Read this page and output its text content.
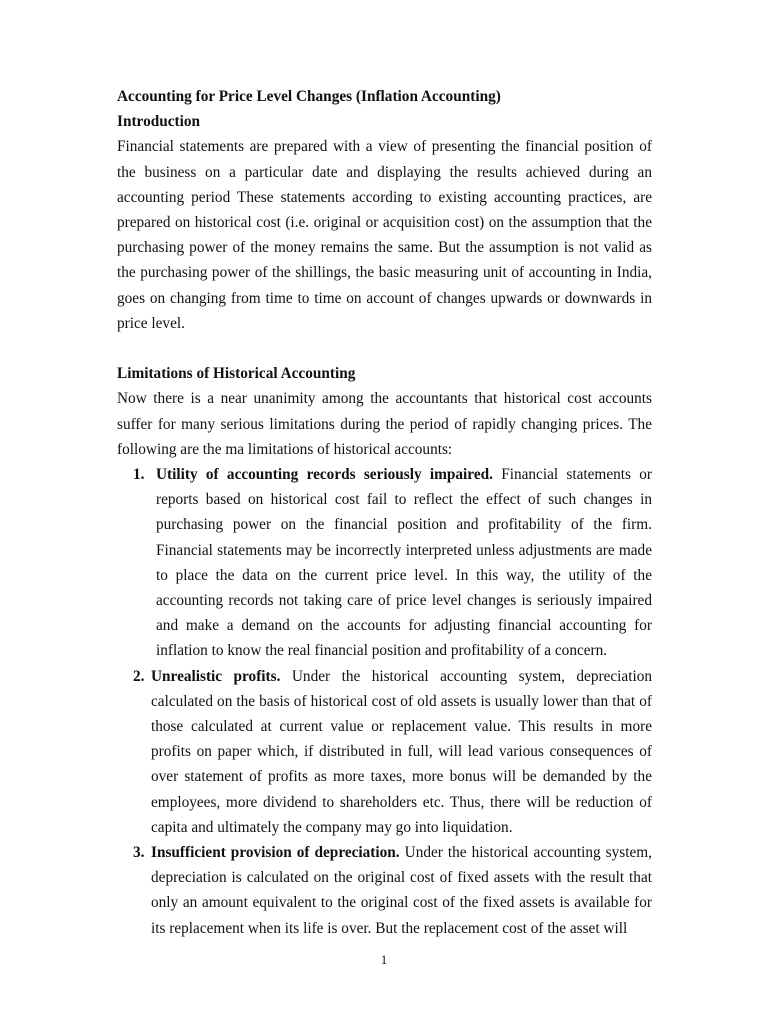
Accounting for Price Level Changes (Inflation Accounting)

Introduction

Financial statements are prepared with a view of presenting the financial position of the business on a particular date and displaying the results achieved during an accounting period These statements according to existing accounting practices, are prepared on historical cost (i.e. original or acquisition cost) on the assumption that the purchasing power of the money remains the same. But the assumption is not valid as the purchasing power of the shillings, the basic measuring unit of accounting in India, goes on changing from time to time on account of changes upwards or downwards in price level.

Limitations of Historical Accounting

Now there is a near unanimity among the accountants that historical cost accounts suffer for many serious limitations during the period of rapidly changing prices. The following are the ma limitations of historical accounts:

1. Utility of accounting records seriously impaired. Financial statements or reports based on historical cost fail to reflect the effect of such changes in purchasing power on the financial position and profitability of the firm. Financial statements may be incorrectly interpreted unless adjustments are made to place the data on the current price level. In this way, the utility of the accounting records not taking care of price level changes is seriously impaired and make a demand on the accounts for adjusting financial accounting for inflation to know the real financial position and profitability of a concern.
2. Unrealistic profits. Under the historical accounting system, depreciation calculated on the basis of historical cost of old assets is usually lower than that of those calculated at current value or replacement value. This results in more profits on paper which, if distributed in full, will lead various consequences of over statement of profits as more taxes, more bonus will be demanded by the employees, more dividend to shareholders etc. Thus, there will be reduction of capita and ultimately the company may go into liquidation.
3. Insufficient provision of depreciation. Under the historical accounting system, depreciation is calculated on the original cost of fixed assets with the result that only an amount equivalent to the original cost of the fixed assets is available for its replacement when its life is over. But the replacement cost of the asset will
1
